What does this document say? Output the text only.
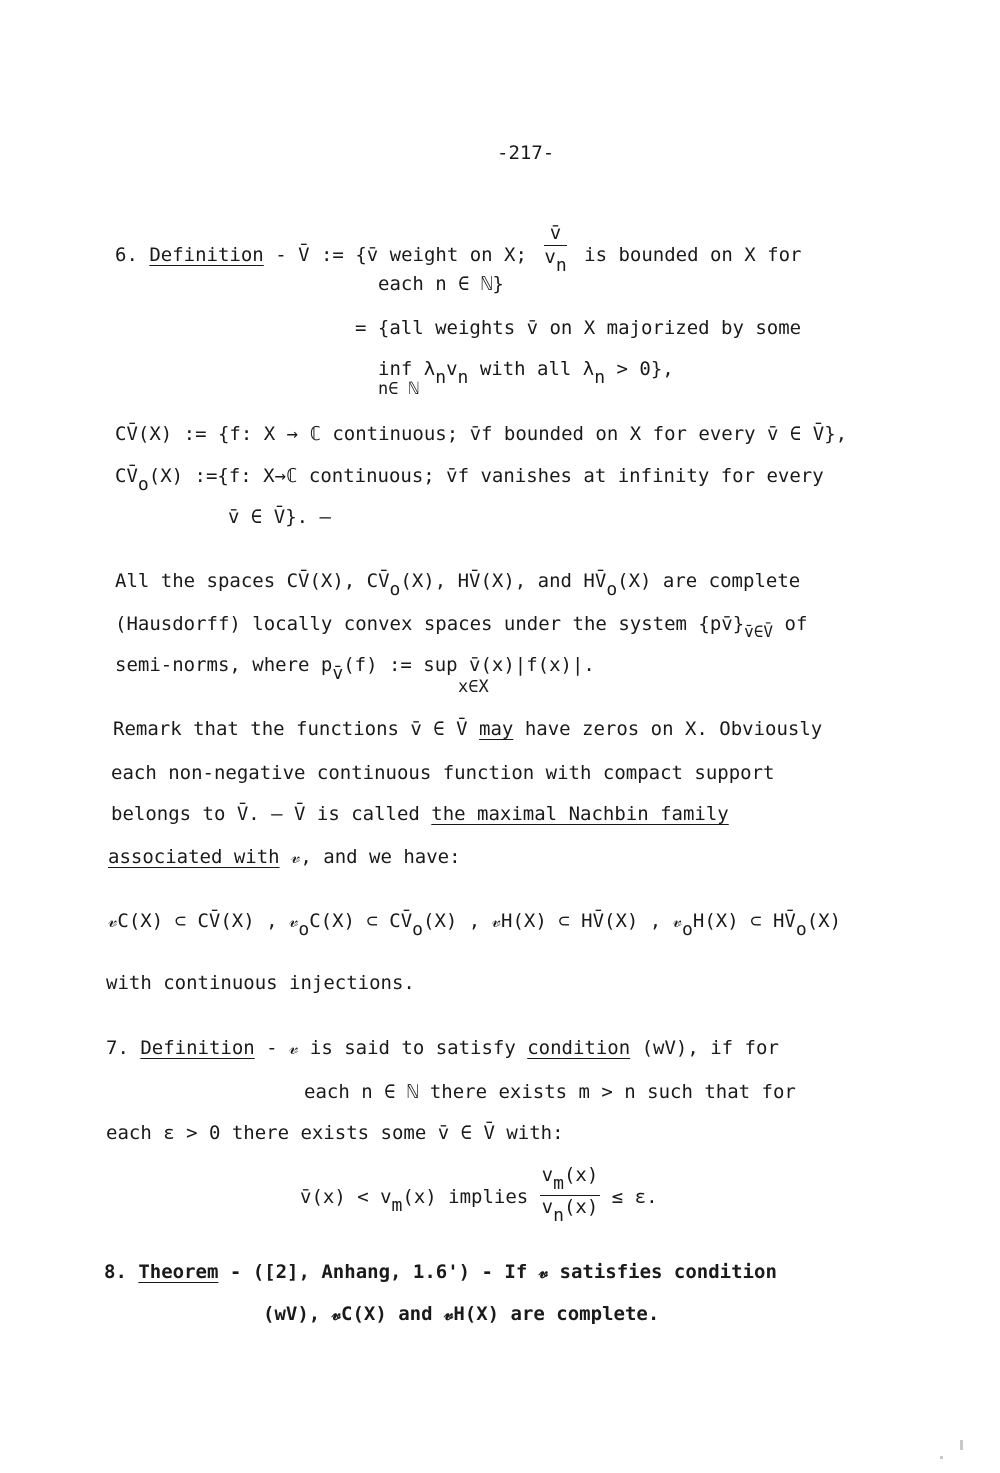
-217-
6. Definition - V̄ := {v̄ weight on X; $\frac{v̄}{v_n}$ is bounded on X for
each n ∈ ℕ}
= {all weights v̄ on X majorized by some
inf $\lambda_nv_n$ with all $\lambda_n > 0$},
n∈ ℕ
CV̄(X) := {f: X → ℂ continuous; v̄f bounded on X for every v̄ ∈ V̄},
$CV̄_o(X)$ :={f: X→ℂ continuous; v̄f vanishes at infinity for every
v̄ ∈ V̄}. —
All the spaces CV̄(X), $CV̄_o(X)$, HV̄(X), and $HV̄_o(X)$ are complete
(Hausdorff) locally convex spaces under the system $\{pv̄\}_{v̄\in V̄}$ of
semi-norms, where $p_{v̄}(f)$ := sup v̄(x)|f(x)|.
x∈X
Remark that the functions v̄ ∈ V̄ may have zeros on X. Obviously
each non-negative continuous function with compact support
belongs to V̄. — V̄ is called the maximal Nachbin family
associated with 𝓋, and we have:
𝓋C(X) ⊂ CV̄(X) , 𝓋$_o$C(X) ⊂ $CV̄_o(X)$ , 𝓋H(X) ⊂ HV̄(X) , 𝓋$_o$H(X) ⊂ $HV̄_o(X)$
with continuous injections.
7. Definition - 𝓋 is said to satisfy condition (wV), if for
each n ∈ ℕ there exists m > n such that for
each ε > 0 there exists some v̄ ∈ V̄ with:
v̄(x) < $v_m(x)$ implies $\frac{v_m(x)}{v_n(x)} \le \varepsilon$.
8. Theorem - ([2], Anhang, 1.6') - If 𝓋 satisfies condition
(wV), 𝓋C(X) and 𝓋H(X) are complete.
